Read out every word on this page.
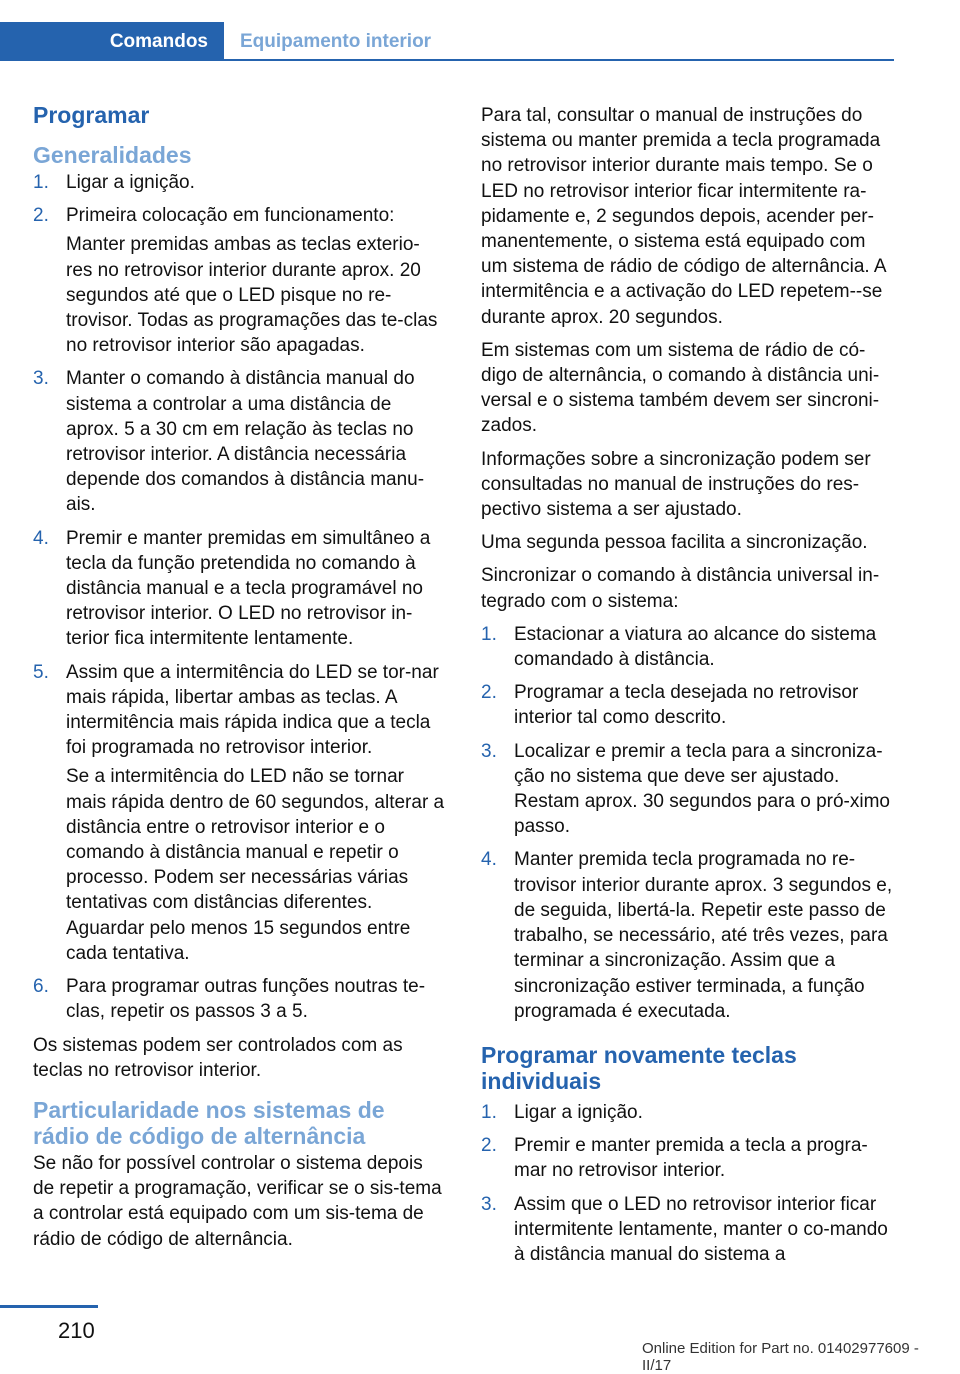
Comandos Equipamento interior
Programar
Generalidades
1. Ligar a ignição.

2. Primeira colocação em funcionamento:

Manter premidas ambas as teclas exterio-res no retrovisor interior durante aprox. 20 segundos até que o LED pisque no re-trovisor. Todas as programações das te-clas no retrovisor interior são apagadas.

3. Manter o comando à distância manual do sistema a controlar a uma distância de aprox. 5 a 30 cm em relação às teclas no retrovisor interior. A distância necessária depende dos comandos à distância manu-ais.

4. Premir e manter premidas em simultâneo a tecla da função pretendida no comando à distância manual e a tecla programável no retrovisor interior. O LED no retrovisor in-terior fica intermitente lentamente.

5. Assim que a intermitência do LED se tor-nar mais rápida, libertar ambas as teclas. A intermitência mais rápida indica que a tecla foi programada no retrovisor interior.

Se a intermitência do LED não se tornar mais rápida dentro de 60 segundos, alterar a distância entre o retrovisor interior e o comando à distância manual e repetir o processo. Podem ser necessárias várias tentativas com distâncias diferentes. Aguardar pelo menos 15 segundos entre cada tentativa.

6. Para programar outras funções noutras te-clas, repetir os passos 3 a 5.

Os sistemas podem ser controlados com as teclas no retrovisor interior.

Particularidade nos sistemas de rádio de código de alternância

Se não for possível controlar o sistema depois de repetir a programação, verificar se o sis-tema a controlar está equipado com um sis-tema de rádio de código de alternância.

Para tal, consultar o manual de instruções do sistema ou manter premida a tecla programada no retrovisor interior durante mais tempo. Se o LED no retrovisor interior ficar intermitente ra-pidamente e, 2 segundos depois, acender per-manentemente, o sistema está equipado com um sistema de rádio de código de alternância. A intermitência e a activação do LED repetem--se durante aprox. 20 segundos.

Em sistemas com um sistema de rádio de có-digo de alternância, o comando à distância uni-versal e o sistema também devem ser sincroni-zados.

Informações sobre a sincronização podem ser consultadas no manual de instruções do res-pectivo sistema a ser ajustado.

Uma segunda pessoa facilita a sincronização.

Sincronizar o comando à distância universal in-tegrado com o sistema:

1. Estacionar a viatura ao alcance do sistema comandado à distância.
2. Programar a tecla desejada no retrovisor interior tal como descrito.
3. Localizar e premir a tecla para a sincroniza-ção no sistema que deve ser ajustado. Restam aprox. 30 segundos para o pró-ximo passo.
4. Manter premida tecla programada no re-trovisor interior durante aprox. 3 segundos e, de seguida, libertá-la. Repetir este passo de trabalho, se necessário, até três vezes, para terminar a sincronização. Assim que a sincronização estiver terminada, a função programada é executada.
Programar novamente teclas individuais
1. Ligar a ignição.
2. Premir e manter premida a tecla a progra-mar no retrovisor interior.
3. Assim que o LED no retrovisor interior ficar intermitente lentamente, manter o co-mando à distância manual do sistema a
210
Online Edition for Part no. 01402977609 - II/17
